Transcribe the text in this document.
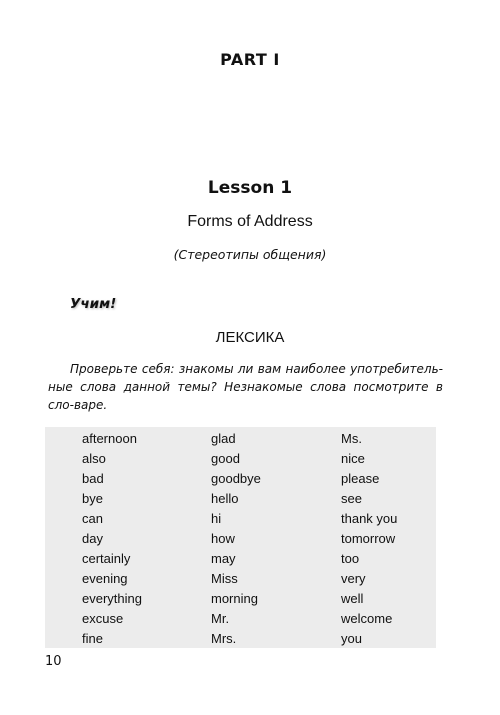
PART I
Lesson 1
Forms of Address
(Стереотипы общения)
Учим!
ЛЕКСИКА
Проверьте себя: знакомы ли вам наиболее употребитель-ные слова данной темы? Незнакомые слова посмотрите в сло-варе.
afternoon
also
bad
bye
can
day
certainly
evening
everything
excuse
fine
glad
good
goodbye
hello
hi
how
may
Miss
morning
Mr.
Mrs.
Ms.
nice
please
see
thank you
tomorrow
too
very
well
welcome
you
10
